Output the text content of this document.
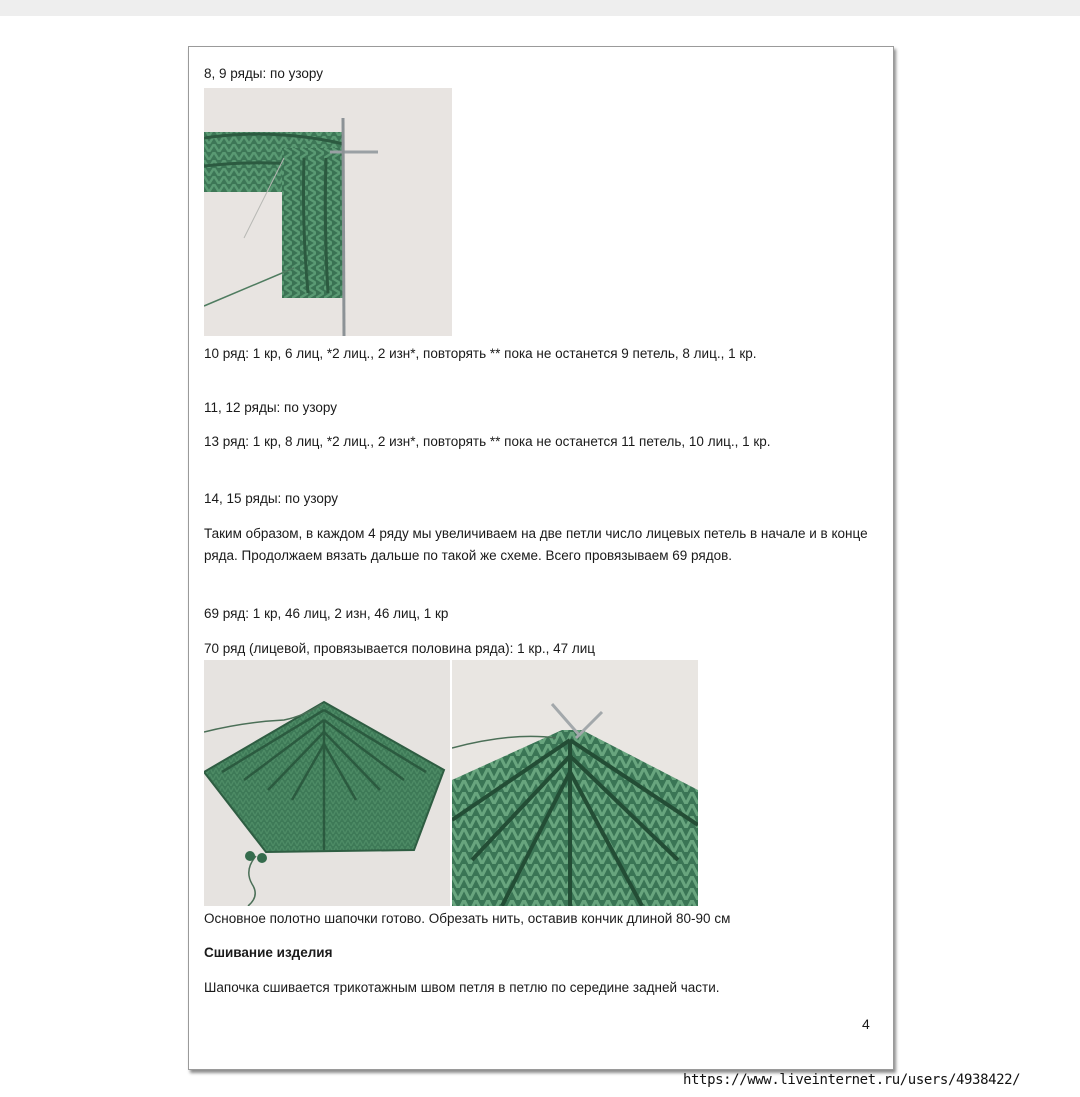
8, 9 ряды: по узору
10 ряд: 1 кр, 6 лиц, *2 лиц., 2 изн*, повторять ** пока не останется 9 петель, 8 лиц., 1 кр.
11, 12 ряды: по узору
13 ряд: 1 кр, 8 лиц, *2 лиц., 2 изн*, повторять ** пока не останется 11 петель, 10 лиц., 1 кр.
14, 15 ряды: по узору
Таким образом, в каждом 4 ряду мы увеличиваем на две петли число лицевых петель в начале и в конце ряда. Продолжаем вязать дальше по такой же схеме. Всего провязываем 69 рядов.
69 ряд: 1 кр, 46 лиц, 2 изн, 46 лиц, 1 кр
70 ряд (лицевой, провязывается половина ряда): 1 кр., 47 лиц
Основное полотно шапочки готово. Обрезать нить, оставив кончик длиной 80-90 см
Сшивание изделия
Шапочка сшивается трикотажным швом петля в петлю по середине задней части.
4
https://www.liveinternet.ru/users/4938422/
